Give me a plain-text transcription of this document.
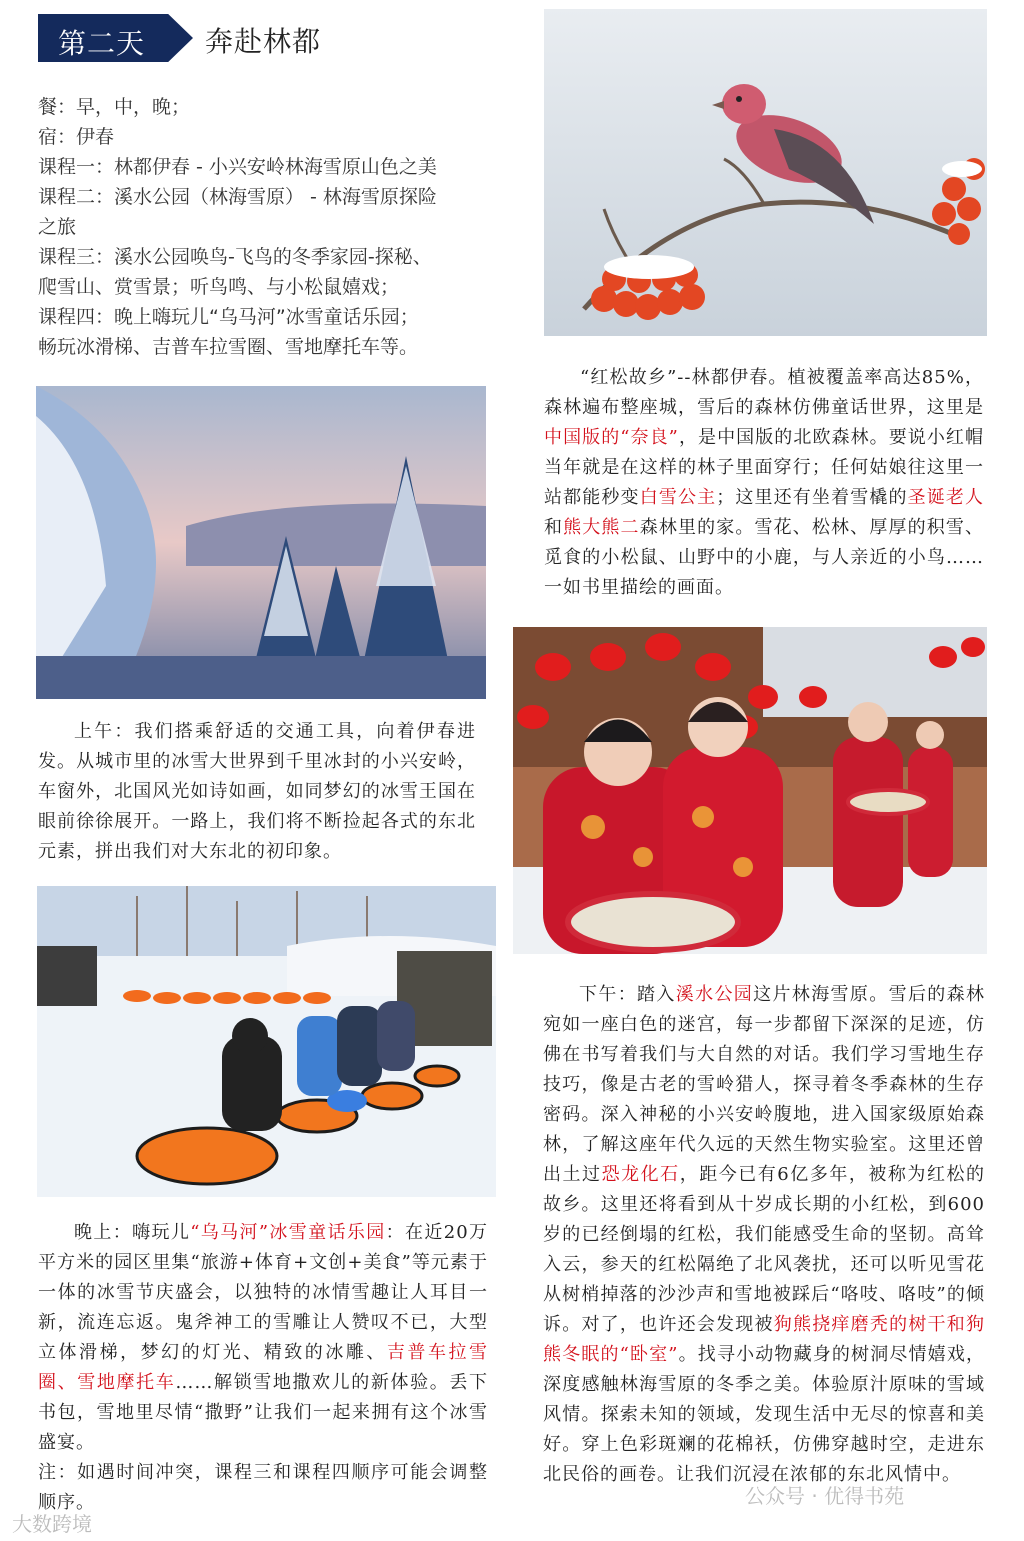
第二天 奔赴林都
餐：早，中，晚；
宿：伊春
课程一：林都伊春 - 小兴安岭林海雪原山色之美
课程二：溪水公园（林海雪原） - 林海雪原探险
之旅
课程三：溪水公园唤鸟-飞鸟的冬季家园-探秘、
爬雪山、赏雪景；听鸟鸣、与小松鼠嬉戏；
课程四：晚上嗨玩儿“乌马河”冰雪童话乐园；
畅玩冰滑梯、吉普车拉雪圈、雪地摩托车等。
“红松故乡”--林都伊春。植被覆盖率高达85%，森林遍布整座城，雪后的森林仿佛童话世界，这里是中国版的“奈良”，是中国版的北欧森林。要说小红帽当年就是在这样的林子里面穿行；任何姑娘往这里一站都能秒变白雪公主；这里还有坐着雪橇的圣诞老人和熊大熊二森林里的家。雪花、松林、厚厚的积雪、觅食的小松鼠、山野中的小鹿，与人亲近的小鸟……一如书里描绘的画面。
上午：我们搭乘舒适的交通工具，向着伊春进发。从城市里的冰雪大世界到千里冰封的小兴安岭，车窗外，北国风光如诗如画，如同梦幻的冰雪王国在眼前徐徐展开。一路上，我们将不断捡起各式的东北元素，拼出我们对大东北的初印象。
下午：踏入溪水公园这片林海雪原。雪后的森林宛如一座白色的迷宫，每一步都留下深深的足迹，仿佛在书写着我们与大自然的对话。我们学习雪地生存技巧，像是古老的雪岭猎人，探寻着冬季森林的生存密码。深入神秘的小兴安岭腹地，进入国家级原始森林，了解这座年代久远的天然生物实验室。这里还曾出土过恐龙化石，距今已有6亿多年，被称为红松的故乡。这里还将看到从十岁成长期的小红松，到600岁的已经倒塌的红松，我们能感受生命的坚韧。高耸入云，参天的红松隔绝了北风袭扰，还可以听见雪花从树梢掉落的沙沙声和雪地被踩后“咯吱、咯吱”的倾诉。对了，也许还会发现被狗熊挠痒磨秃的树干和狗熊冬眠的“卧室”。找寻小动物藏身的树洞尽情嬉戏，深度感触林海雪原的冬季之美。体验原汁原味的雪域风情。探索未知的领域，发现生活中无尽的惊喜和美好。穿上色彩斑斓的花棉袄，仿佛穿越时空，走进东北民俗的画卷。让我们沉浸在浓郁的东北风情中。
晚上：嗨玩儿“乌马河”冰雪童话乐园：在近20万平方米的园区里集“旅游+体育+文创+美食”等元素于一体的冰雪节庆盛会，以独特的冰情雪趣让人耳目一新，流连忘返。鬼斧神工的雪雕让人赞叹不已，大型立体滑梯，梦幻的灯光、精致的冰雕、吉普车拉雪圈、雪地摩托车……解锁雪地撒欢儿的新体验。丢下书包，雪地里尽情“撒野”让我们一起来拥有这个冰雪盛宴。
注：如遇时间冲突，课程三和课程四顺序可能会调整顺序。
大数跨境
公众号 · 优得书苑
